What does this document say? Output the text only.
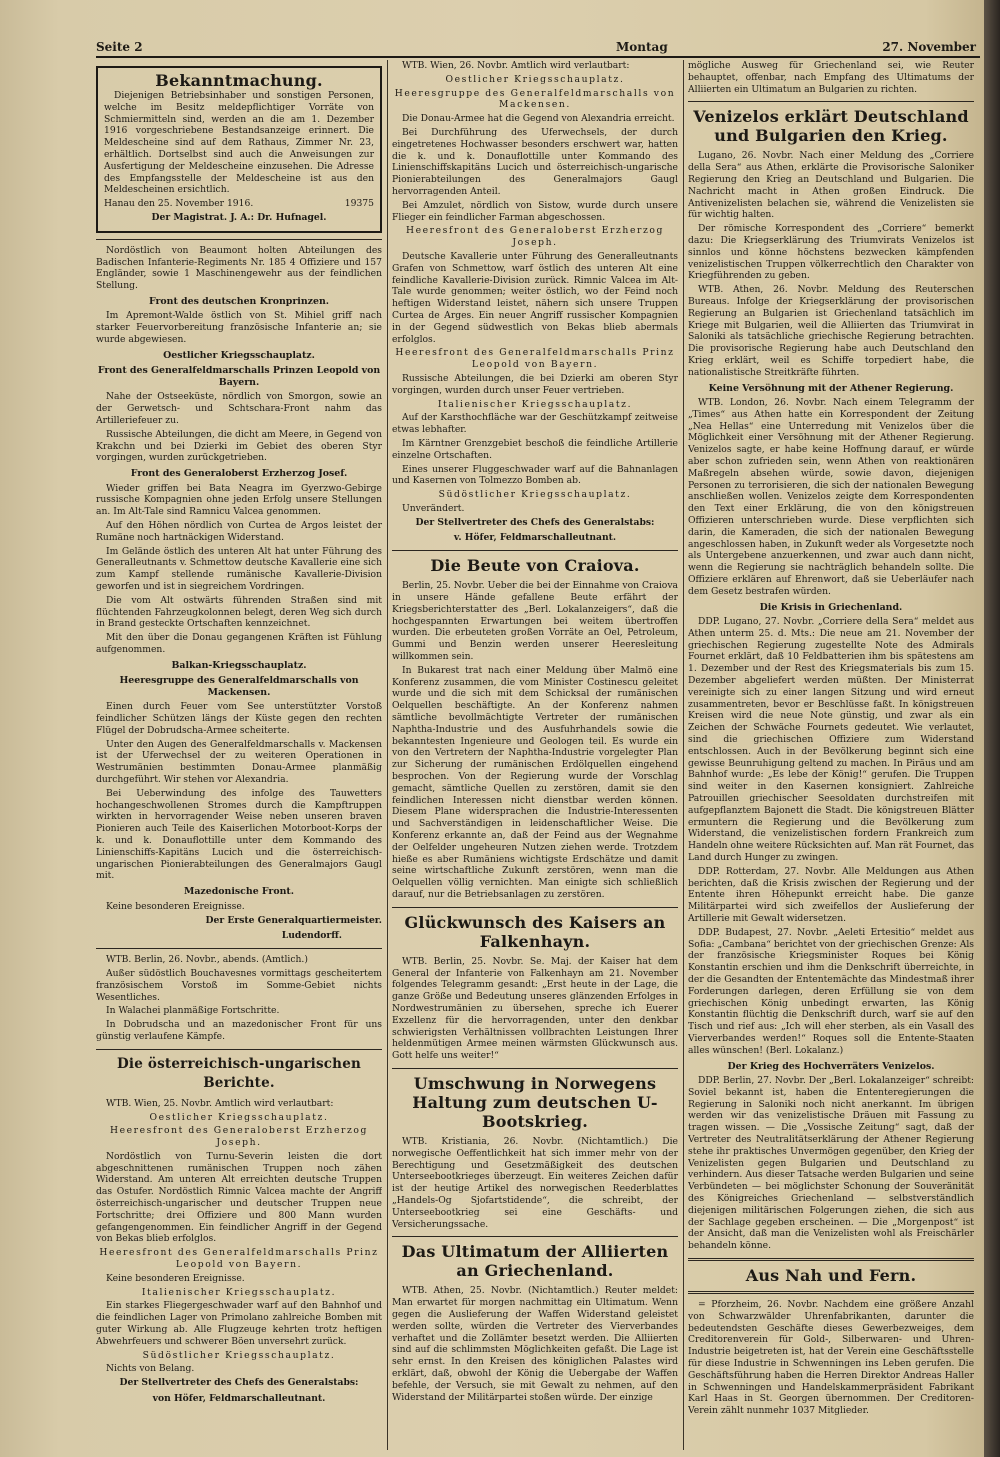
Seite 2	Montag	27. November
Bekanntmachung.

Diejenigen Betriebsinhaber und sonstigen Personen, welche im Besitz meldepflichtiger Vorräte von Schmiermitteln sind, werden an die am 1. Dezember 1916 vorgeschriebene Bestandsanzeige erinnert. Die Meldescheine sind auf dem Rathaus, Zimmer Nr. 23, erhältlich. Dortselbst sind auch die Anweisungen zur Ausfertigung der Meldescheine einzusehen. Die Adresse des Empfangsstelle der Meldescheine ist aus den Meldescheinen ersichtlich.

Hanau den 25. November 1916.	19375

Der Magistrat. J. A.: Dr. Hufnagel.

Nordöstlich von Beaumont holten Abteilungen des Badischen Infanterie-Regiments Nr. 185 4 Offiziere und 157 Engländer, sowie 1 Maschinengewehr aus der feindlichen Stellung.

Front des deutschen Kronprinzen.

Im Apremont-Walde östlich von St. Mihiel griff nach starker Feuervorbereitung französische Infanterie an; sie wurde abgewiesen.

Oestlicher Kriegsschauplatz.
Front des Generalfeldmarschalls Prinzen Leopold von Bayern.

Nahe der Ostseeküste, nördlich von Smorgon, sowie an der Gerwetsch- und Schtschara-Front nahm das Artilleriefeuer zu.

Russische Abteilungen, die dicht am Meere, in Gegend von Krakchn und bei Dzierki im Gebiet des oberen Styr vorgingen, wurden zurückgetrieben.

Front des Generaloberst Erzherzog Josef.

Wieder griffen bei Bata Neagra im Gyerzwo-Gebirge russische Kompagnien ohne jeden Erfolg unsere Stellungen an. Im Alt-Tale sind Ramnicu Valcea genommen.

Auf den Höhen nördlich von Curtea de Argos leistet der Rumäne noch hartnäckigen Widerstand.

Im Gelände östlich des unteren Alt hat unter Führung des Generalleutnants v. Schmettow deutsche Kavallerie eine sich zum Kampf stellende rumänische Kavallerie-Division geworfen und ist in siegreichem Vordringen.

Die vom Alt ostwärts führenden Straßen sind mit flüchtenden Fahrzeugkolonnen belegt, deren Weg sich durch in Brand gesteckte Ortschaften kennzeichnet.

Mit den über die Donau gegangenen Kräften ist Fühlung aufgenommen.

Balkan-Kriegsschauplatz.
Heeresgruppe des Generalfeldmarschalls von Mackensen.

Einen durch Feuer vom See unterstützter Vorstoß feindlicher Schützen längs der Küste gegen den rechten Flügel der Dobrudscha-Armee scheiterte.

Unter den Augen des Generalfeldmarschalls v. Mackensen ist der Uferwechsel der zu weiteren Operationen in Westrumänien bestimmten Donau-Armee planmäßig durchgeführt. Wir stehen vor Alexandria.

Bei Ueberwindung des infolge des Tauwetters hochangeschwollenen Stromes durch die Kampftruppen wirkten in hervorragender Weise neben unseren braven Pionieren auch Teile des Kaiserlichen Motorboot-Korps der k. und k. Donauflottille unter dem Kommando des Linienschiffs-Kapitäns Lucich und die österreichisch-ungarischen Pionierabteilungen des Generalmajors Gaugl mit.

Mazedonische Front.

Keine besonderen Ereignisse.

Der Erste Generalquartiermeister.
Ludendorff.

WTB. Berlin, 26. Novbr., abends. (Amtlich.)

Außer südöstlich Bouchavesnes vormittags gescheitertem französischem Vorstoß im Somme-Gebiet nichts Wesentliches.

In Walachei planmäßige Fortschritte.

In Dobrudscha und an mazedonischer Front für uns günstig verlaufene Kämpfe.

Die österreichisch-ungarischen Berichte.

WTB. Wien, 25. Novbr. Amtlich wird verlautbart:

Oestlicher Kriegsschauplatz.
Heeresfront des Generaloberst Erzherzog Joseph.

Nordöstlich von Turnu-Severin leisten die dort abgeschnittenen rumänischen Truppen noch zähen Widerstand. Am unteren Alt erreichten deutsche Truppen das Ostufer. Nordöstlich Rimnic Valcea machte der Angriff österreichisch-ungarischer und deutscher Truppen neue Fortschritte; drei Offiziere und 800 Mann wurden gefangengenommen. Ein feindlicher Angriff in der Gegend von Bekas blieb erfolglos.

Heeresfront des Generalfeldmarschalls Prinz Leopold von Bayern.

Keine besonderen Ereignisse.

Italienischer Kriegsschauplatz.

Ein starkes Fliegergeschwader warf auf den Bahnhof und die feindlichen Lager von Primolano zahlreiche Bomben mit guter Wirkung ab. Alle Flugzeuge kehrten trotz heftigen Abwehrfeuers und schwerer Böen unversehrt zurück.

Südöstlicher Kriegsschauplatz.

Nichts von Belang.

Der Stellvertreter des Chefs des Generalstabs:
von Höfer, Feldmarschalleutnant.

WTB. Wien, 26. Novbr. Amtlich wird verlautbart:

Oestlicher Kriegsschauplatz.
Heeresgruppe des Generalfeldmarschalls von Mackensen.

Die Donau-Armee hat die Gegend von Alexandria erreicht.

Bei Durchführung des Uferwechsels, der durch eingetretenes Hochwasser besonders erschwert war, hatten die k. und k. Donauflottille unter Kommando des Linienschiffskapitäns Lucich und österreichisch-ungarische Pionierabteilungen des Generalmajors Gaugl hervorragenden Anteil.

Bei Amzulet, nördlich von Sistow, wurde durch unsere Flieger ein feindlicher Farman abgeschossen.

Heeresfront des Generaloberst Erzherzog Joseph.

Deutsche Kavallerie unter Führung des Generalleutnants Grafen von Schmettow, warf östlich des unteren Alt eine feindliche Kavallerie-Division zurück. Rimnic Valcea im Alt-Tale wurde genommen; weiter östlich, wo der Feind noch heftigen Widerstand leistet, nähern sich unsere Truppen Curtea de Arges. Ein neuer Angriff russischer Kompagnien in der Gegend südwestlich von Bekas blieb abermals erfolglos.

Heeresfront des Generalfeldmarschalls Prinz Leopold von Bayern.

Russische Abteilungen, die bei Dzierki am oberen Styr vorgingen, wurden durch unser Feuer vertrieben.

Italienischer Kriegsschauplatz.

Auf der Karsthochfläche war der Geschützkampf zeitweise etwas lebhafter.

Im Kärntner Grenzgebiet beschoß die feindliche Artillerie einzelne Ortschaften.

Eines unserer Fluggeschwader warf auf die Bahnanlagen und Kasernen von Tolmezzo Bomben ab.

Südöstlicher Kriegsschauplatz.

Unverändert.

Der Stellvertreter des Chefs des Generalstabs:
v. Höfer, Feldmarschalleutnant.
Die Beute von Craiova.

Berlin, 25. Novbr. Ueber die bei der Einnahme von Craiova in unsere Hände gefallene Beute erfährt der Kriegsberichterstatter des „Berl. Lokalanzeigers“, daß die hochgespannten Erwartungen bei weitem übertroffen wurden. Die erbeuteten großen Vorräte an Oel, Petroleum, Gummi und Benzin werden unserer Heeresleitung willkommen sein.

In Bukarest trat nach einer Meldung über Malmö eine Konferenz zusammen, die vom Minister Costinescu geleitet wurde und die sich mit dem Schicksal der rumänischen Oelquellen beschäftigte. An der Konferenz nahmen sämtliche bevollmächtigte Vertreter der rumänischen Naphtha-Industrie und des Ausfuhrhandels sowie die bekanntesten Ingenieure und Geologen teil. Es wurde ein von den Vertretern der Naphtha-Industrie vorgelegter Plan zur Sicherung der rumänischen Erdölquellen eingehend besprochen. Von der Regierung wurde der Vorschlag gemacht, sämtliche Quellen zu zerstören, damit sie den feindlichen Interessen nicht dienstbar werden können. Diesem Plane widersprachen die Industrie-Interessenten und Sachverständigen in leidenschaftlicher Weise. Die Konferenz erkannte an, daß der Feind aus der Wegnahme der Oelfelder ungeheuren Nutzen ziehen werde. Trotzdem hieße es aber Rumäniens wichtigste Erdschätze und damit seine wirtschaftliche Zukunft zerstören, wenn man die Oelquellen völlig vernichten. Man einigte sich schließlich darauf, nur die Betriebsanlagen zu zerstören.

Glückwunsch des Kaisers an Falkenhayn.

WTB. Berlin, 25. Novbr. Se. Maj. der Kaiser hat dem General der Infanterie von Falkenhayn am 21. November folgendes Telegramm gesandt: „Erst heute in der Lage, die ganze Größe und Bedeutung unseres glänzenden Erfolges in Nordwestrumänien zu übersehen, spreche ich Euerer Exzellenz für die hervorragenden, unter den denkbar schwierigsten Verhältnissen vollbrachten Leistungen Ihrer heldenmütigen Armee meinen wärmsten Glückwunsch aus. Gott helfe uns weiter!“

Umschwung in Norwegens Haltung zum deutschen U-Bootskrieg.

WTB. Kristiania, 26. Novbr. (Nichtamtlich.) Die norwegische Oeffentlichkeit hat sich immer mehr von der Berechtigung und Gesetzmäßigkeit des deutschen Unterseebootkrieges überzeugt. Ein weiteres Zeichen dafür ist der heutige Artikel des norwegischen Reederblattes „Handels-Og Sjofartstidende“, die schreibt, der Unterseebootkrieg sei eine Geschäfts- und Versicherungssache.

Das Ultimatum der Alliierten an Griechenland.

WTB. Athen, 25. Novbr. (Nichtamtlich.) Reuter meldet: Man erwartet für morgen nachmittag ein Ultimatum. Wenn gegen die Auslieferung der Waffen Widerstand geleistet werden sollte, würden die Vertreter des Vierverbandes verhaftet und die Zollämter besetzt werden. Die Alliierten sind auf die schlimmsten Möglichkeiten gefaßt. Die Lage ist sehr ernst. In den Kreisen des königlichen Palastes wird erklärt, daß, obwohl der König die Uebergabe der Waffen befehle, der Versuch, sie mit Gewalt zu nehmen, auf den Widerstand der Militärpartei stoßen würde. Der einzige

mögliche Ausweg für Griechenland sei, wie Reuter behauptet, offenbar, nach Empfang des Ultimatums der Alliierten ein Ultimatum an Bulgarien zu richten.

Venizelos erklärt Deutschland und Bulgarien den Krieg.

Lugano, 26. Novbr. Nach einer Meldung des „Corriere della Sera“ aus Athen, erklärte die Provisorische Saloniker Regierung den Krieg an Deutschland und Bulgarien. Die Nachricht macht in Athen großen Eindruck. Die Antivenizelisten belachen sie, während die Venizelisten sie für wichtig halten.

Der römische Korrespondent des „Corriere“ bemerkt dazu: Die Kriegserklärung des Triumvirats Venizelos ist sinnlos und könne höchstens bezwecken kämpfenden venizelistischen Truppen völkerrechtlich den Charakter von Kriegführenden zu geben.

WTB. Athen, 26. Novbr. Meldung des Reuterschen Bureaus. Infolge der Kriegserklärung der provisorischen Regierung an Bulgarien ist Griechenland tatsächlich im Kriege mit Bulgarien, weil die Alliierten das Triumvirat in Saloniki als tatsächliche griechische Regierung betrachten. Die provisorische Regierung habe auch Deutschland den Krieg erklärt, weil es Schiffe torpediert habe, die nationalistische Streitkräfte führten.

Keine Versöhnung mit der Athener Regierung.

WTB. London, 26. Novbr. Nach einem Telegramm der „Times“ aus Athen hatte ein Korrespondent der Zeitung „Nea Hellas“ eine Unterredung mit Venizelos über die Möglichkeit einer Versöhnung mit der Athener Regierung. Venizelos sagte, er habe keine Hoffnung darauf, er würde aber schon zufrieden sein, wenn Athen von reaktionären Maßregeln absehen würde, sowie davon, diejenigen Personen zu terrorisieren, die sich der nationalen Bewegung anschließen wollen. Venizelos zeigte dem Korrespondenten den Text einer Erklärung, die von den königstreuen Offizieren unterschrieben wurde. Diese verpflichten sich darin, die Kameraden, die sich der nationalen Bewegung angeschlossen haben, in Zukunft weder als Vorgesetzte noch als Untergebene anzuerkennen, und zwar auch dann nicht, wenn die Regierung sie nachträglich behandeln sollte. Die Offiziere erklären auf Ehrenwort, daß sie Ueberläufer nach dem Gesetz bestrafen würden.

Die Krisis in Griechenland.

DDP. Lugano, 27. Novbr. „Corriere della Sera“ meldet aus Athen unterm 25. d. Mts.: Die neue am 21. November der griechischen Regierung zugestellte Note des Admirals Fournet erklärt, daß 10 Feldbatterien ihm bis spätestens am 1. Dezember und der Rest des Kriegsmaterials bis zum 15. Dezember abgeliefert werden müßten. Der Ministerrat vereinigte sich zu einer langen Sitzung und wird erneut zusammentreten, bevor er Beschlüsse faßt. In königstreuen Kreisen wird die neue Note günstig, und zwar als ein Zeichen der Schwäche Fournets gedeutet. Wie verlautet, sind die griechischen Offiziere zum Widerstand entschlossen. Auch in der Bevölkerung beginnt sich eine gewisse Beunruhigung geltend zu machen. In Piräus und am Bahnhof wurde: „Es lebe der König!“ gerufen. Die Truppen sind weiter in den Kasernen konsigniert. Zahlreiche Patrouillen griechischer Seesoldaten durchstreifen mit aufgepflanztem Bajonett die Stadt. Die königstreuen Blätter ermuntern die Regierung und die Bevölkerung zum Widerstand, die venizelistischen fordern Frankreich zum Handeln ohne weitere Rücksichten auf. Man rät Fournet, das Land durch Hunger zu zwingen.

DDP. Rotterdam, 27. Novbr. Alle Meldungen aus Athen berichten, daß die Krisis zwischen der Regierung und der Entente ihren Höhepunkt erreicht habe. Die ganze Militärpartei wird sich zweifellos der Auslieferung der Artillerie mit Gewalt widersetzen.

DDP. Budapest, 27. Novbr. „Aeleti Ertesitio“ meldet aus Sofia: „Cambana“ berichtet von der griechischen Grenze: Als der französische Kriegsminister Roques bei König Konstantin erschien und ihm die Denkschrift überreichte, in der die Gesandten der Ententemächte das Mindestmaß ihrer Forderungen darlegen, deren Erfüllung sie von dem griechischen König unbedingt erwarten, las König Konstantin flüchtig die Denkschrift durch, warf sie auf den Tisch und rief aus: „Ich will eher sterben, als ein Vasall des Vierverbandes werden!“ Roques soll die Entente-Staaten alles wünschen! (Berl. Lokalanz.)

Der Krieg des Hochverräters Venizelos.

DDP. Berlin, 27. Novbr. Der „Berl. Lokalanzeiger“ schreibt: Soviel bekannt ist, haben die Ententeregierungen die Regierung in Saloniki noch nicht anerkannt. Im übrigen werden wir das venizelistische Dräuen mit Fassung zu tragen wissen. — Die „Vossische Zeitung“ sagt, daß der Vertreter des Neutralitätserklärung der Athener Regierung stehe ihr praktisches Unvermögen gegenüber, den Krieg der Venizelisten gegen Bulgarien und Deutschland zu verhindern. Aus dieser Tatsache werden Bulgarien und seine Verbündeten — bei möglichster Schonung der Souveränität des Königreiches Griechenland — selbstverständlich diejenigen militärischen Folgerungen ziehen, die sich aus der Sachlage gegeben erscheinen. — Die „Morgenpost“ ist der Ansicht, daß man die Venizelisten wohl als Freischärler behandeln könne.

Aus Nah und Fern.

= Pforzheim, 26. Novbr. Nachdem eine größere Anzahl von Schwarzwälder Uhrenfabrikanten, darunter die bedeutendsten Geschäfte dieses Gewerbezweiges, dem Creditorenverein für Gold-, Silberwaren- und Uhren-Industrie beigetreten ist, hat der Verein eine Geschäftsstelle für diese Industrie in Schwenningen ins Leben gerufen. Die Geschäftsführung haben die Herren Direktor Andreas Haller in Schwenningen und Handelskammerpräsident Fabrikant Karl Haas in St. Georgen übernommen. Der Creditoren-Verein zählt nunmehr 1037 Mitglieder.
